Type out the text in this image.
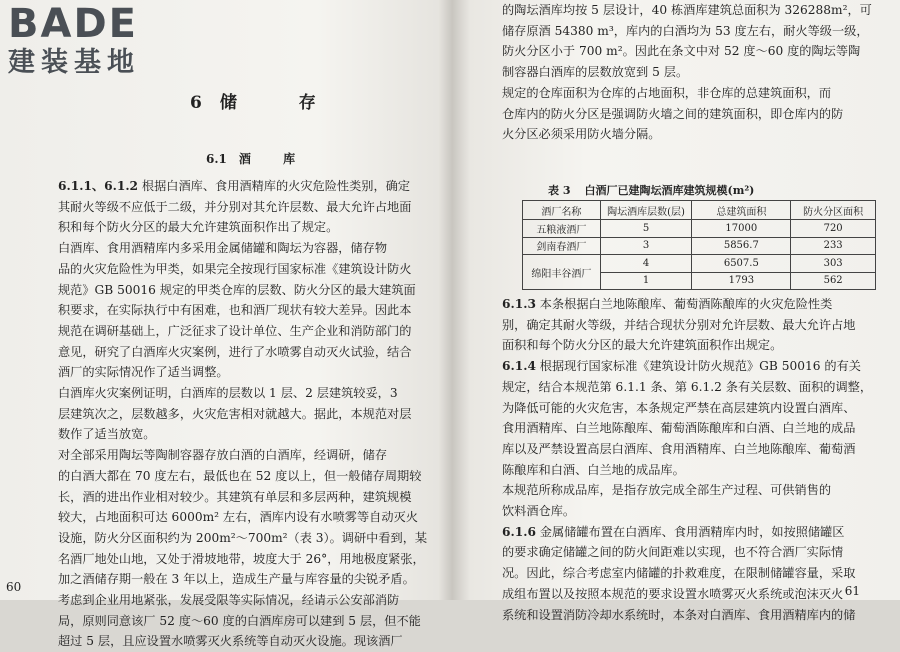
BADE
建装基地
6 储 存
6.1 酒 库
6.1.1、6.1.2 根据白酒库、食用酒精库的火灾危险性类别，确定
其耐火等级不应低于二级，并分别对其允许层数、最大允许占地面
积和每个防火分区的最大允许建筑面积作出了规定。
白酒库、食用酒精库内多采用金属储罐和陶坛为容器，储存物
品的火灾危险性为甲类，如果完全按现行国家标准《建筑设计防火
规范》GB 50016 规定的甲类仓库的层数、防火分区的最大建筑面
积要求，在实际执行中有困难，也和酒厂现状有较大差异。因此本
规范在调研基础上，广泛征求了设计单位、生产企业和消防部门的
意见，研究了白酒库火灾案例，进行了水喷雾自动灭火试验，结合
酒厂的实际情况作了适当调整。
白酒库火灾案例证明，白酒库的层数以 1 层、2 层建筑较妥，3
层建筑次之，层数越多，火灾危害相对就越大。据此，本规范对层
数作了适当放宽。
对全部采用陶坛等陶制容器存放白酒的白酒库，经调研，储存
的白酒大都在 70 度左右，最低也在 52 度以上，但一般储存周期较
长，酒的进出作业相对较少。其建筑有单层和多层两种，建筑规模
较大，占地面积可达 6000m² 左右，酒库内设有水喷雾等自动灭火
设施，防火分区面积约为 200m²～700m²（表 3）。调研中看到，某
名酒厂地处山地，又处于滑坡地带，坡度大于 26°，用地极度紧张，
加之酒储存期一般在 3 年以上，造成生产量与库容量的尖锐矛盾。
考虑到企业用地紧张，发展受限等实际情况，经请示公安部消防
局，原则同意该厂 52 度～60 度的白酒库房可以建到 5 层，但不能
超过 5 层，且应设置水喷雾灭火系统等自动灭火设施。现该酒厂
60
的陶坛酒库均按 5 层设计，40 栋酒库建筑总面积为 326288m²，可
储存原酒 54380 m³，库内的白酒均为 53 度左右，耐火等级一级，
防火分区小于 700 m²。因此在条文中对 52 度～60 度的陶坛等陶
制容器白酒库的层数放宽到 5 层。
规定的仓库面积为仓库的占地面积，非仓库的总建筑面积，而
仓库内的防火分区是强调防火墙之间的建筑面积，即仓库内的防
火分区必须采用防火墙分隔。
表 3 白酒厂已建陶坛酒库建筑规模(m²)
酒厂名称	陶坛酒库层数(层)	总建筑面积	防火分区面积
五粮液酒厂	5	17000	720
剑南春酒厂	3	5856.7	233
绵阳丰谷酒厂	4	6507.5	303
	1	1793	562
6.1.3 本条根据白兰地陈酿库、葡萄酒陈酿库的火灾危险性类
别，确定其耐火等级，并结合现状分别对允许层数、最大允许占地
面积和每个防火分区的最大允许建筑面积作出规定。
6.1.4 根据现行国家标准《建筑设计防火规范》GB 50016 的有关
规定，结合本规范第 6.1.1 条、第 6.1.2 条有关层数、面积的调整，
为降低可能的火灾危害，本条规定严禁在高层建筑内设置白酒库、
食用酒精库、白兰地陈酿库、葡萄酒陈酿库和白酒、白兰地的成品
库以及严禁设置高层白酒库、食用酒精库、白兰地陈酿库、葡萄酒
陈酿库和白酒、白兰地的成品库。
本规范所称成品库，是指存放完成全部生产过程、可供销售的
饮料酒仓库。
6.1.6 金属储罐布置在白酒库、食用酒精库内时，如按照储罐区
的要求确定储罐之间的防火间距难以实现，也不符合酒厂实际情
况。因此，综合考虑室内储罐的扑救难度，在限制储罐容量，采取
成组布置以及按照本规范的要求设置水喷雾灭火系统或泡沫灭火
系统和设置消防冷却水系统时，本条对白酒库、食用酒精库内的储
61
